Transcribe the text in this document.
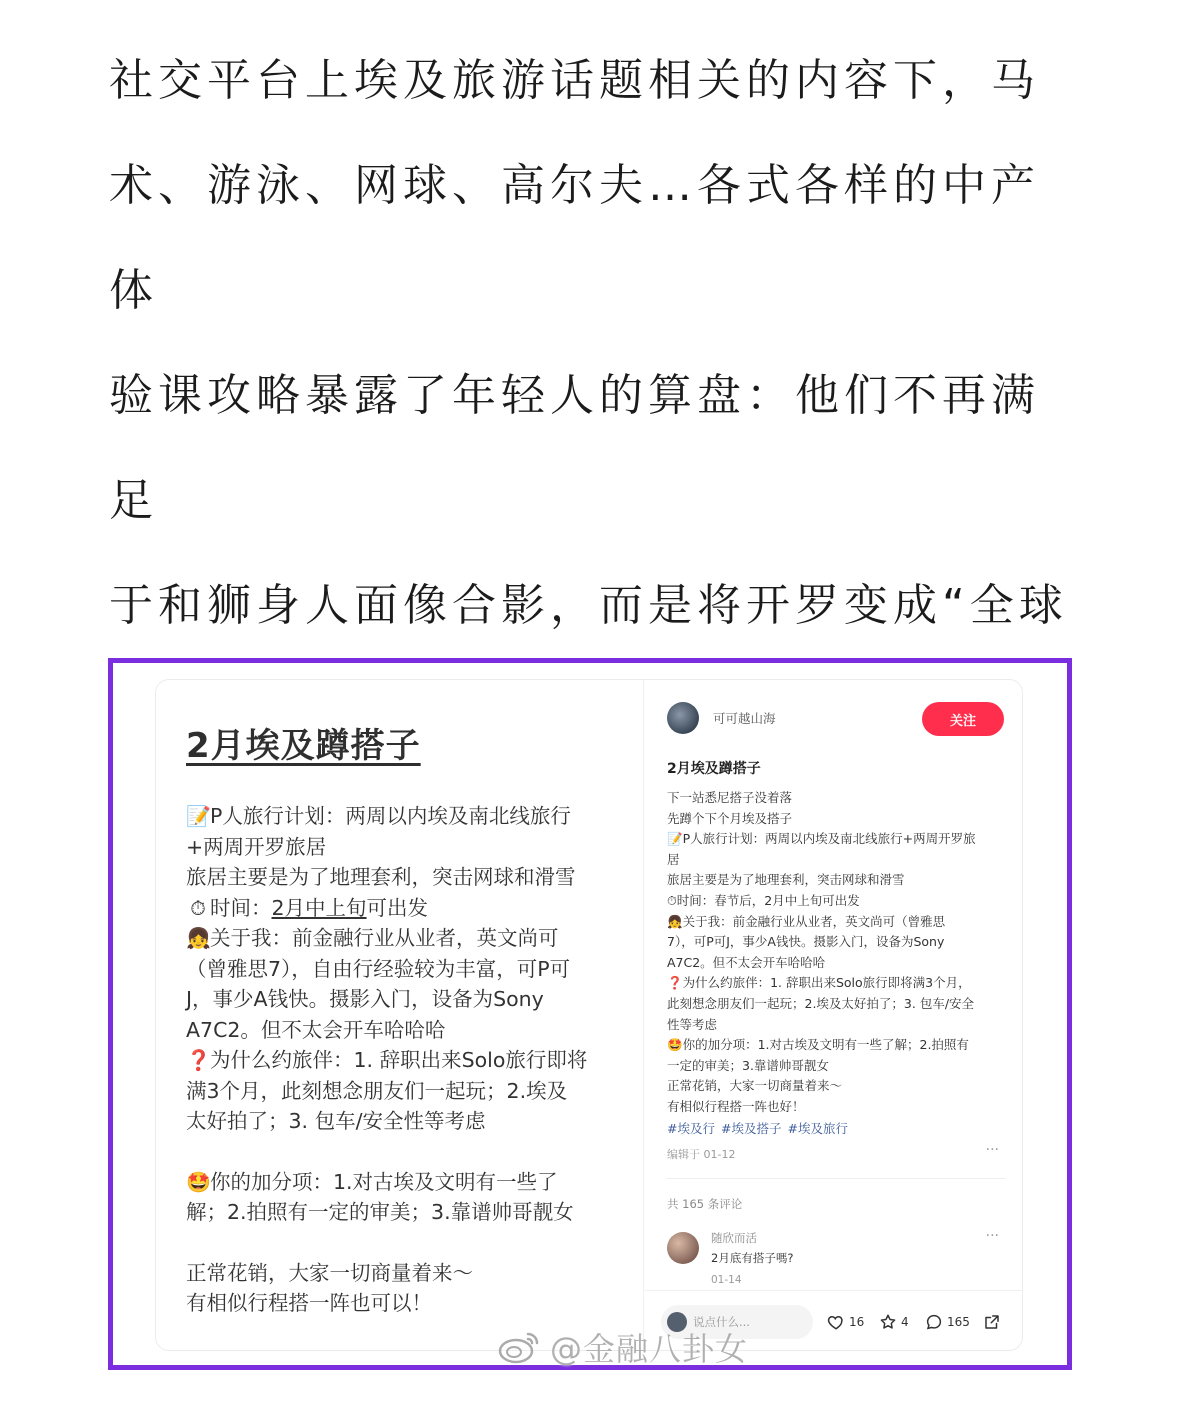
社交平台上埃及旅游话题相关的内容下，马
术、游泳、网球、高尔夫…各式各样的中产体
验课攻略暴露了年轻人的算盘：他们不再满足
于和狮身人面像合影，而是将开罗变成“全球
2月埃及蹲搭子
📝P人旅行计划：两周以内埃及南北线旅行
+两周开罗旅居
旅居主要是为了地理套利，突击网球和滑雪
⏱ 时间：2月中上旬可出发
👧关于我：前金融行业从业者，英文尚可
（曾雅思7），自由行经验较为丰富，可P可
J，事少A钱快。摄影入门，设备为Sony
A7C2。但不太会开车哈哈哈
❓为什么约旅伴：1. 辞职出来Solo旅行即将
满3个月，此刻想念朋友们一起玩；2.埃及
太好拍了；3. 包车/安全性等考虑
🤩你的加分项：1.对古埃及文明有一些了
解；2.拍照有一定的审美；3.靠谱帅哥靓女
正常花销，大家一切商量着来～
有相似行程搭一阵也可以！
可可越山海	关注
2月埃及蹲搭子
下一站悉尼搭子没着落
先蹲个下个月埃及搭子
📝P人旅行计划：两周以内埃及南北线旅行+两周开罗旅
居
旅居主要是为了地理套利，突击网球和滑雪
⏱时间：春节后，2月中上旬可出发
👧关于我：前金融行业从业者，英文尚可（曾雅思
7），可P可J，事少A钱快。摄影入门，设备为Sony
A7C2。但不太会开车哈哈哈
❓为什么约旅伴：1. 辞职出来Solo旅行即将满3个月，
此刻想念朋友们一起玩；2.埃及太好拍了；3. 包车/安全
性等考虑
🤩你的加分项：1.对古埃及文明有一些了解；2.拍照有
一定的审美；3.靠谱帅哥靓女
正常花销，大家一切商量着来～
有相似行程搭一阵也好！
#埃及行 #埃及搭子 #埃及旅行
编辑于 01-12	···
共 165 条评论
随欣而活
2月底有搭子嗎?
01-14
···
说点什么...	16	4	165
@金融八卦女
